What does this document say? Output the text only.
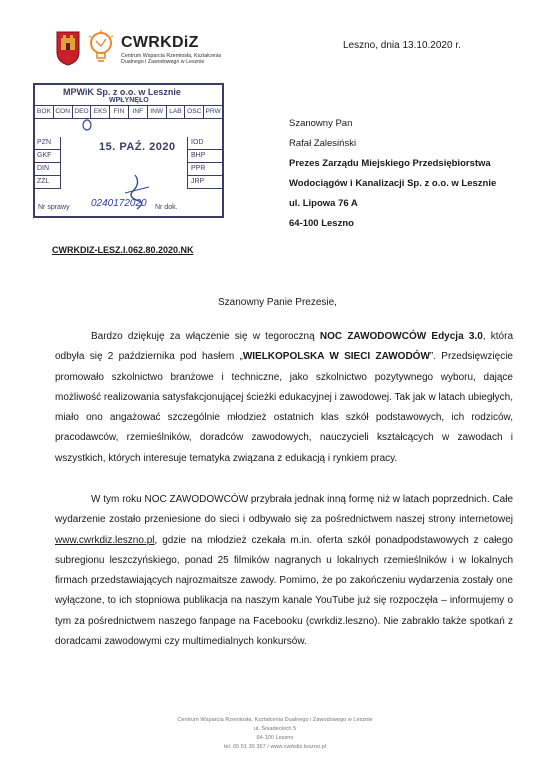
CWRKDiZ
Centrum Wsparcia Rzemiosła, Kształcenia Dualnego i Zawodowego w Lesznie
Leszno, dnia 13.10.2020 r.
MPWiK Sp. z o.o. w Lesznie
WPŁYNĘŁO
BOK CON DEO EKS	FIN	INF	INW LAB OSC PRW
PZN
GKF
DIN
ZZL
15. PAŹ. 2020	IOD
BHP
PPR
JRP
Nr sprawy 0240172020 Nr dok.
Szanowny Pan
Rafał Zalesiński
Prezes Zarządu Miejskiego Przedsiębiorstwa
Wodociągów i Kanalizacji Sp. z o.o. w Lesznie
ul. Lipowa 76 A
64-100 Leszno
CWRKDIZ-LESZ.I.062.80.2020.NK
Szanowny Panie Prezesie,
Bardzo dziękuję za włączenie się w tegoroczną NOC ZAWODOWCÓW Edycja 3.0, która odbyła się 2 października pod hasłem „WIELKOPOLSKA W SIECI ZAWODÓW”. Przedsięwzięcie promowało szkolnictwo branżowe i techniczne, jako szkolnictwo pozytywnego wyboru, dające możliwość realizowania satysfakcjonującej ścieżki edukacyjnej i zawodowej. Tak jak w latach ubiegłych, miało ono angażować szczególnie młodzież ostatnich klas szkół podstawowych, ich rodziców, pracodawców, rzemieślników, doradców zawodowych, nauczycieli kształcących w zawodach i wszystkich, których interesuje tematyka związana z edukacją i rynkiem pracy.
W tym roku NOC ZAWODOWCÓW przybrała jednak inną formę niż w latach poprzednich. Całe wydarzenie zostało przeniesione do sieci i odbywało się za pośrednictwem naszej strony internetowej www.cwrkdiz.leszno.pl, gdzie na młodzież czekała m.in. oferta szkół ponadpodstawowych z całego subregionu leszczyńskiego, ponad 25 filmików nagranych u lokalnych rzemieślników i w lokalnych firmach przedstawiających najrozmaitsze zawody. Pomimo, że po zakończeniu wydarzenia zostały one wyłączone, to ich stopniowa publikacja na naszym kanale YouTube już się rozpoczęła – informujemy o tym za pośrednictwem naszego fanpage na Facebooku (cwrkdiz.leszno). Nie zabrakło także spotkań z doradcami zawodowymi czy multimedialnych konkursów.
Centrum Wsparcia Rzemiosła, Kształcenia Dualnego i Zawodowego w Lesznie
ul. Śniadeckich 5
64-100 Leszno
tel. 65 51 30 367 / www.cwrkdiz.leszno.pl
